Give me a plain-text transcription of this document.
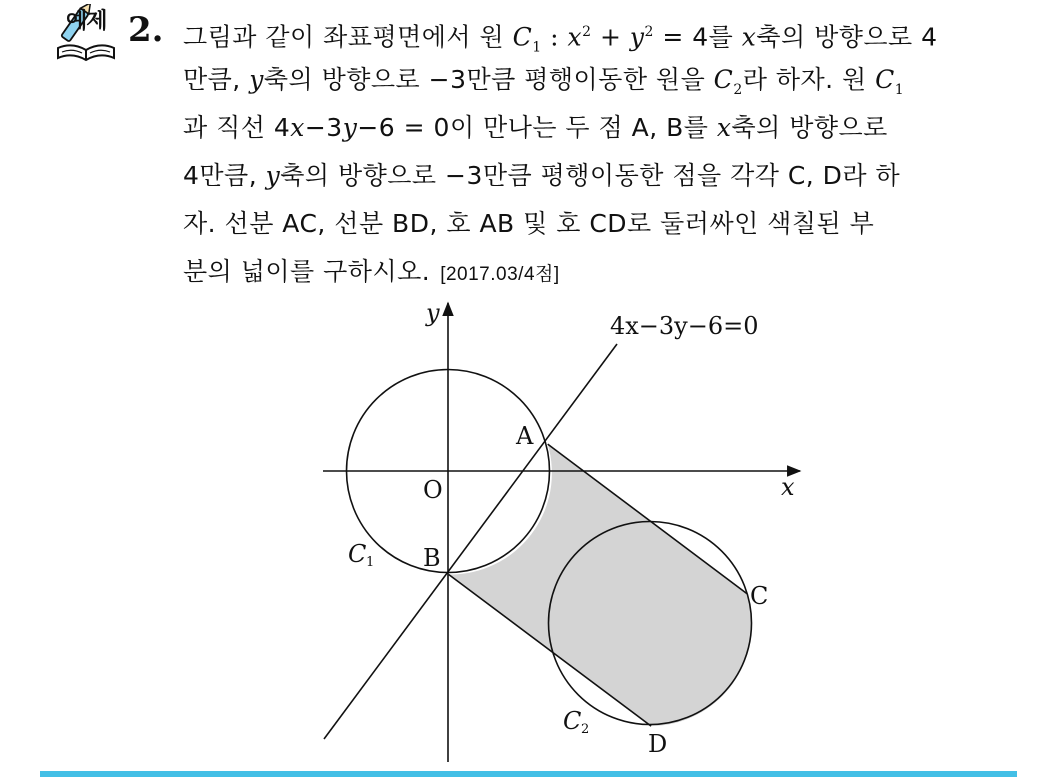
예제 2. 그림과 같이 좌표평면에서 원 $C_1$ : $x^2 + y^2 = 4$를 x축의 방향으로 4
만큼, y축의 방향으로 −3만큼 평행이동한 원을 $C_2$라 하자. 원 $C_1$
과 직선 4x−3y−6 = 0이 만나는 두 점 A, B를 x축의 방향으로
4만큼, y축의 방향으로 −3만큼 평행이동한 점을 각각 C, D라 하
자. 선분 AC, 선분 BD, 호 AB 및 호 CD로 둘러싸인 색칠된 부
분의 넓이를 구하시오. [2017.03/4점]
4x−3y−6=0
y
x
O
A
B
C
D
C 1
C 2
